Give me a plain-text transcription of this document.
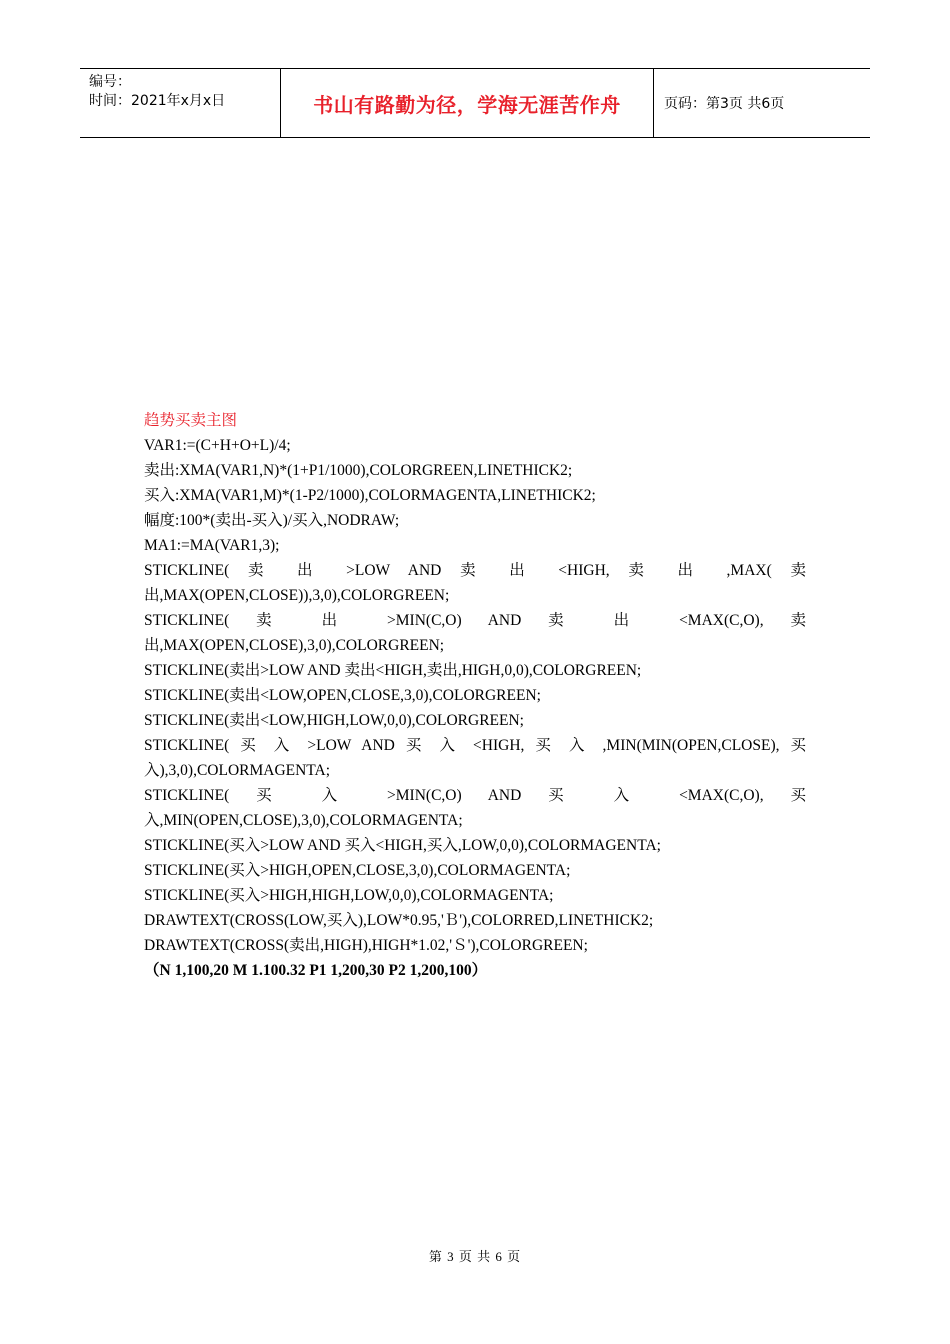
编号：
时间：2021年x月x日	书山有路勤为径，学海无涯苦作舟	页码：第3页 共6页
趋势买卖主图
VAR1:=(C+H+O+L)/4;
卖出:XMA(VAR1,N)*(1+P1/1000),COLORGREEN,LINETHICK2;
买入:XMA(VAR1,M)*(1-P2/1000),COLORMAGENTA,LINETHICK2;
幅度:100*(卖出-买入)/买入,NODRAW;
MA1:=MA(VAR1,3);
STICKLINE( 卖 出 >LOW AND 卖 出 <HIGH, 卖 出 ,MAX( 卖出,MAX(OPEN,CLOSE)),3,0),COLORGREEN;
STICKLINE( 卖 出 >MIN(C,O) AND 卖 出 <MAX(C,O), 卖出,MAX(OPEN,CLOSE),3,0),COLORGREEN;
STICKLINE(卖出>LOW AND 卖出<HIGH,卖出,HIGH,0,0),COLORGREEN;
STICKLINE(卖出<LOW,OPEN,CLOSE,3,0),COLORGREEN;
STICKLINE(卖出<LOW,HIGH,LOW,0,0),COLORGREEN;
STICKLINE( 买 入 >LOW AND 买 入 <HIGH, 买 入 ,MIN(MIN(OPEN,CLOSE), 买入),3,0),COLORMAGENTA;
STICKLINE( 买 入 >MIN(C,O) AND 买 入 <MAX(C,O), 买入,MIN(OPEN,CLOSE),3,0),COLORMAGENTA;
STICKLINE(买入>LOW AND 买入<HIGH,买入,LOW,0,0),COLORMAGENTA;
STICKLINE(买入>HIGH,OPEN,CLOSE,3,0),COLORMAGENTA;
STICKLINE(买入>HIGH,HIGH,LOW,0,0),COLORMAGENTA;
DRAWTEXT(CROSS(LOW,买入),LOW*0.95,'Ｂ'),COLORRED,LINETHICK2;
DRAWTEXT(CROSS(卖出,HIGH),HIGH*1.02,'Ｓ'),COLORGREEN;
（N 1,100,20 M 1.100.32 P1 1,200,30 P2 1,200,100）
第 3 页 共 6 页
